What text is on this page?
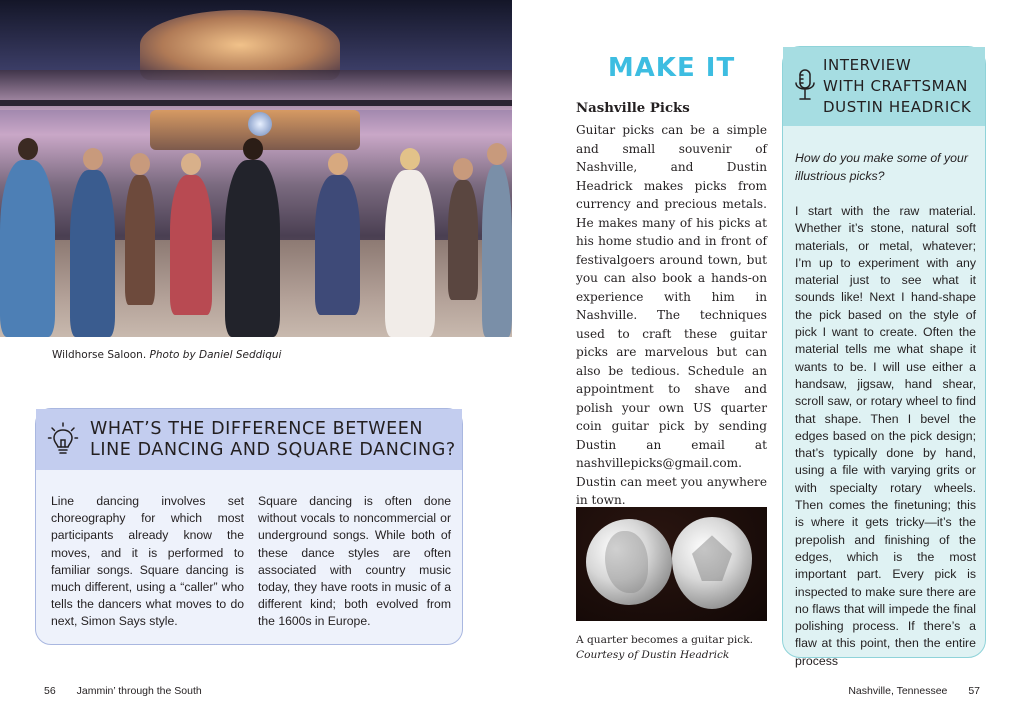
Wildhorse Saloon. Photo by Daniel Seddiqui
WHAT’S THE DIFFERENCE BETWEEN
LINE DANCING AND SQUARE DANCING?

Line dancing involves set choreography for which most participants already know the moves, and it is performed to familiar songs. Square dancing is much different, using a “caller” who tells the dancers what moves to do next, Simon Says style.

Square dancing is often done without vocals to noncommercial or underground songs. While both of these dance styles are often associated with country music today, they have roots in music of a different kind; both evolved from the 1600s in Europe.

56 Jammin’ through the South
MAKE IT
Nashville Picks

Guitar picks can be a simple and small souvenir of Nashville, and Dustin Headrick makes picks from currency and precious metals. He makes many of his picks at his home studio and in front of festivalgoers around town, but you can also book a hands-on experience with him in Nashville. The techniques used to craft these guitar picks are marvelous but can also be tedious. Schedule an appointment to shave and polish your own US quarter coin guitar pick by sending Dustin an email at nashvillepicks@gmail.com. Dustin can meet you anywhere in town.

A quarter becomes a guitar pick.
Courtesy of Dustin Headrick
INTERVIEW
WITH CRAFTSMAN
DUSTIN HEADRICK

How do you make some of your illustrious picks?

I start with the raw material. Whether it’s stone, natural soft materials, or metal, whatever; I’m up to experiment with any material just to see what it sounds like! Next I hand-shape the pick based on the style of pick I want to create. Often the material tells me what shape it wants to be. I will use either a handsaw, jigsaw, hand shear, scroll saw, or rotary wheel to find that shape. Then I bevel the edges based on the pick design; that’s typically done by hand, using a file with varying grits or with specialty rotary wheels. Then comes the finetuning; this is where it gets tricky—it’s the prepolish and finishing of the edges, which is the most important part. Every pick is inspected to make sure there are no flaws that will impede the final polishing process. If there’s a flaw at this point, then the entire process

Nashville, Tennessee 57
